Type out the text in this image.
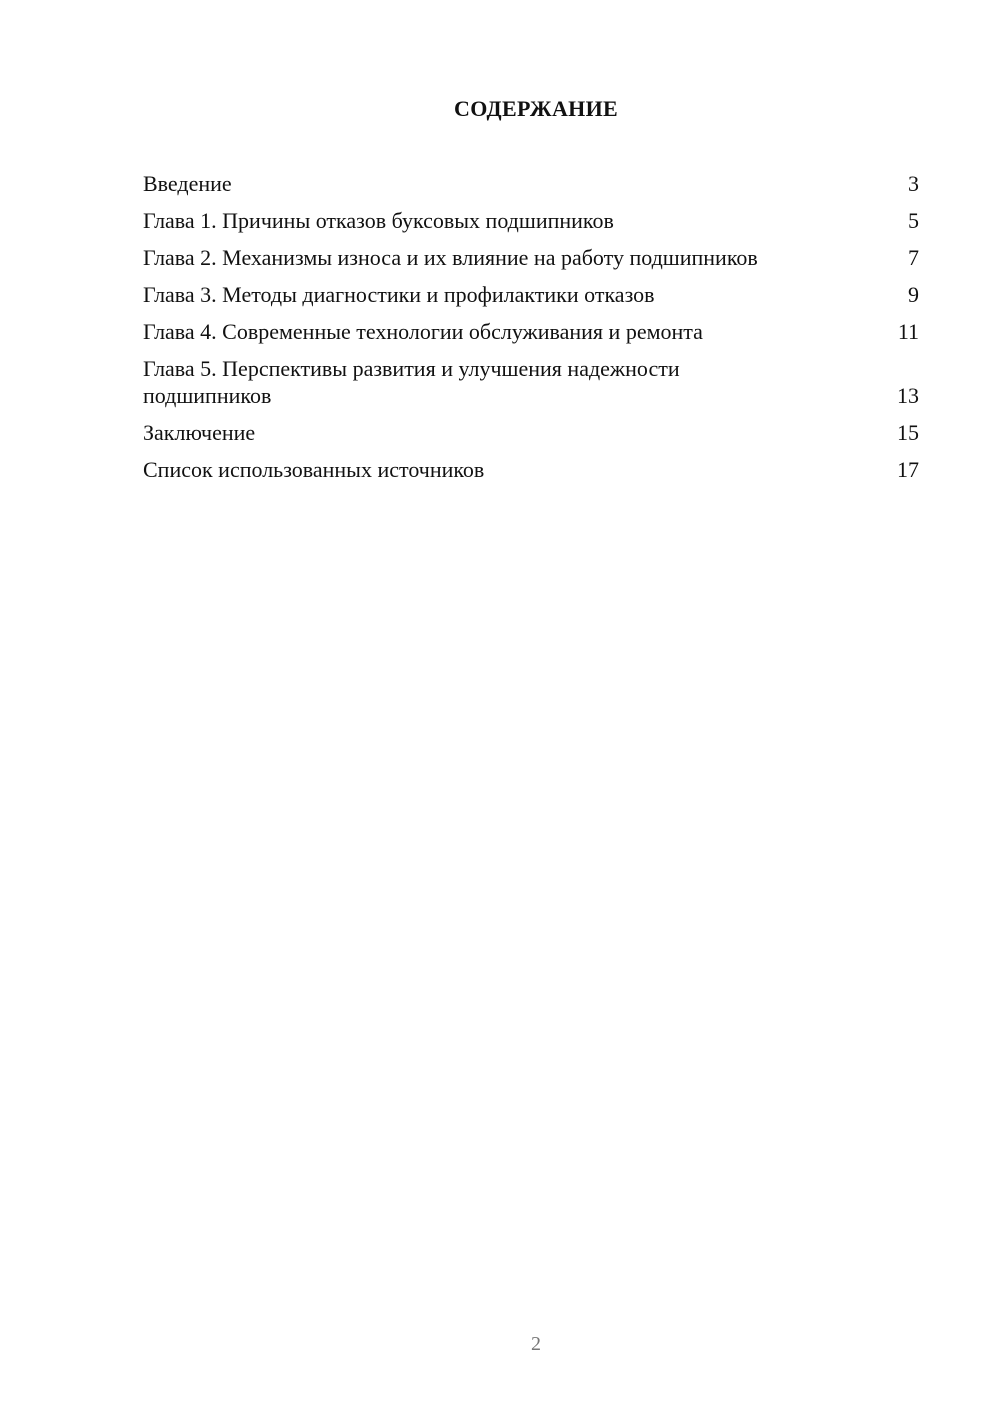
СОДЕРЖАНИЕ
Введение	3
Глава 1. Причины отказов буксовых подшипников	5
Глава 2. Механизмы износа и их влияние на работу подшипников	7
Глава 3. Методы диагностики и профилактики отказов	9
Глава 4. Современные технологии обслуживания и ремонта	11
Глава 5. Перспективы развития и улучшения надежности подшипников	13
Заключение	15
Список использованных источников	17
2
